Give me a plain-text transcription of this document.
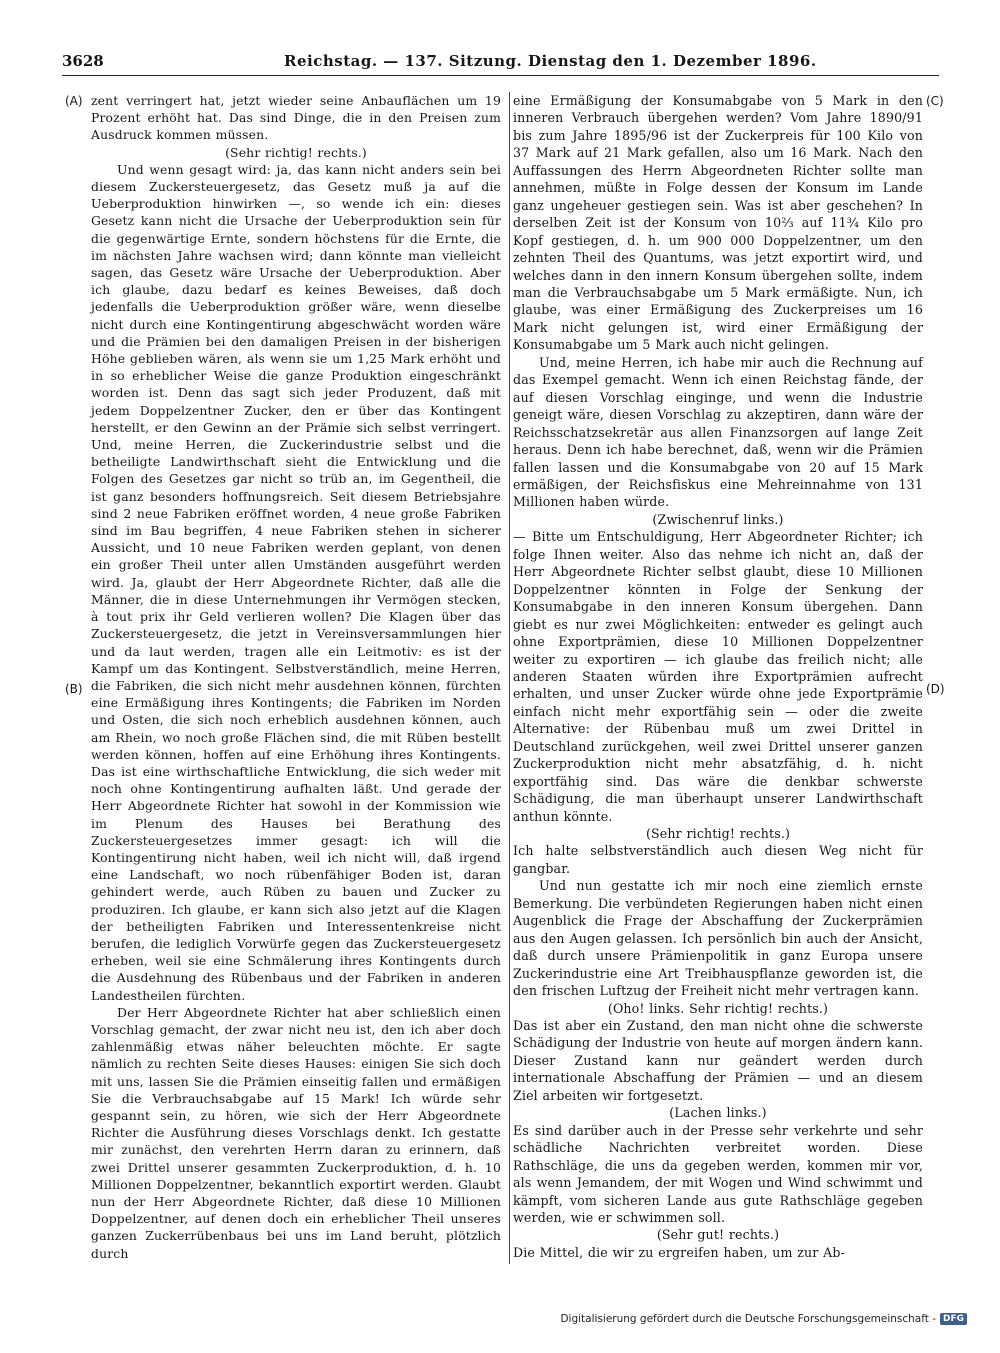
3628	Reichstag. — 137. Sitzung. Dienstag den 1. Dezember 1896.
(A)
(B)
(C)
(D)

zent verringert hat, jetzt wieder seine Anbauflächen um 19 Prozent erhöht hat. Das sind Dinge, die in den Preisen zum Ausdruck kommen müssen.

(Sehr richtig! rechts.)

Und wenn gesagt wird: ja, das kann nicht anders sein bei diesem Zuckersteuergesetz, das Gesetz muß ja auf die Ueberproduktion hinwirken —, so wende ich ein: dieses Gesetz kann nicht die Ursache der Ueberproduktion sein für die gegenwärtige Ernte, sondern höchstens für die Ernte, die im nächsten Jahre wachsen wird; dann könnte man vielleicht sagen, das Gesetz wäre Ursache der Ueberproduktion. Aber ich glaube, dazu bedarf es keines Beweises, daß doch jedenfalls die Ueberproduktion größer wäre, wenn dieselbe nicht durch eine Kontingentirung abgeschwächt worden wäre und die Prämien bei den damaligen Preisen in der bisherigen Höhe geblieben wären, als wenn sie um 1,25 Mark erhöht und in so erheblicher Weise die ganze Produktion eingeschränkt worden ist. Denn das sagt sich jeder Produzent, daß mit jedem Doppelzentner Zucker, den er über das Kontingent herstellt, er den Gewinn an der Prämie sich selbst verringert. Und, meine Herren, die Zuckerindustrie selbst und die betheiligte Landwirthschaft sieht die Entwicklung und die Folgen des Gesetzes gar nicht so trüb an, im Gegentheil, die ist ganz besonders hoffnungsreich. Seit diesem Betriebsjahre sind 2 neue Fabriken eröffnet worden, 4 neue große Fabriken sind im Bau begriffen, 4 neue Fabriken stehen in sicherer Aussicht, und 10 neue Fabriken werden geplant, von denen ein großer Theil unter allen Umständen ausgeführt werden wird. Ja, glaubt der Herr Abgeordnete Richter, daß alle die Männer, die in diese Unternehmungen ihr Vermögen stecken, à tout prix ihr Geld verlieren wollen? Die Klagen über das Zuckersteuergesetz, die jetzt in Vereinsversammlungen hier und da laut werden, tragen alle ein Leitmotiv: es ist der Kampf um das Kontingent. Selbstverständlich, meine Herren, die Fabriken, die sich nicht mehr ausdehnen können, fürchten eine Ermäßigung ihres Kontingents; die Fabriken im Norden und Osten, die sich noch erheblich ausdehnen können, auch am Rhein, wo noch große Flächen sind, die mit Rüben bestellt werden können, hoffen auf eine Erhöhung ihres Kontingents. Das ist eine wirthschaftliche Entwicklung, die sich weder mit noch ohne Kontingentirung aufhalten läßt. Und gerade der Herr Abgeordnete Richter hat sowohl in der Kommission wie im Plenum des Hauses bei Berathung des Zuckersteuergesetzes immer gesagt: ich will die Kontingentirung nicht haben, weil ich nicht will, daß irgend eine Landschaft, wo noch rübenfähiger Boden ist, daran gehindert werde, auch Rüben zu bauen und Zucker zu produziren. Ich glaube, er kann sich also jetzt auf die Klagen der betheiligten Fabriken und Interessentenkreise nicht berufen, die lediglich Vorwürfe gegen das Zuckersteuergesetz erheben, weil sie eine Schmälerung ihres Kontingents durch die Ausdehnung des Rübenbaus und der Fabriken in anderen Landestheilen fürchten.

Der Herr Abgeordnete Richter hat aber schließlich einen Vorschlag gemacht, der zwar nicht neu ist, den ich aber doch zahlenmäßig etwas näher beleuchten möchte. Er sagte nämlich zu rechten Seite dieses Hauses: einigen Sie sich doch mit uns, lassen Sie die Prämien einseitig fallen und ermäßigen Sie die Verbrauchsabgabe auf 15 Mark! Ich würde sehr gespannt sein, zu hören, wie sich der Herr Abgeordnete Richter die Ausführung dieses Vorschlags denkt. Ich gestatte mir zunächst, den verehrten Herrn daran zu erinnern, daß zwei Drittel unserer gesammten Zuckerproduktion, d. h. 10 Millionen Doppelzentner, bekanntlich exportirt werden. Glaubt nun der Herr Abgeordnete Richter, daß diese 10 Millionen Doppelzentner, auf denen doch ein erheblicher Theil unseres ganzen Zuckerrübenbaus bei uns im Land beruht, plötzlich durch

eine Ermäßigung der Konsumabgabe von 5 Mark in den inneren Verbrauch übergehen werden? Vom Jahre 1890/91 bis zum Jahre 1895/96 ist der Zuckerpreis für 100 Kilo von 37 Mark auf 21 Mark gefallen, also um 16 Mark. Nach den Auffassungen des Herrn Abgeordneten Richter sollte man annehmen, müßte in Folge dessen der Konsum im Lande ganz ungeheuer gestiegen sein. Was ist aber geschehen? In derselben Zeit ist der Konsum von 10⅔ auf 11¾ Kilo pro Kopf gestiegen, d. h. um 900 000 Doppelzentner, um den zehnten Theil des Quantums, was jetzt exportirt wird, und welches dann in den innern Konsum übergehen sollte, indem man die Verbrauchsabgabe um 5 Mark ermäßigte. Nun, ich glaube, was einer Ermäßigung des Zuckerpreises um 16 Mark nicht gelungen ist, wird einer Ermäßigung der Konsumabgabe um 5 Mark auch nicht gelingen.

Und, meine Herren, ich habe mir auch die Rechnung auf das Exempel gemacht. Wenn ich einen Reichstag fände, der auf diesen Vorschlag einginge, und wenn die Industrie geneigt wäre, diesen Vorschlag zu akzeptiren, dann wäre der Reichsschatzsekretär aus allen Finanzsorgen auf lange Zeit heraus. Denn ich habe berechnet, daß, wenn wir die Prämien fallen lassen und die Konsumabgabe von 20 auf 15 Mark ermäßigen, der Reichsfiskus eine Mehreinnahme von 131 Millionen haben würde.

(Zwischenruf links.)

— Bitte um Entschuldigung, Herr Abgeordneter Richter; ich folge Ihnen weiter. Also das nehme ich nicht an, daß der Herr Abgeordnete Richter selbst glaubt, diese 10 Millionen Doppelzentner könnten in Folge der Senkung der Konsumabgabe in den inneren Konsum übergehen. Dann giebt es nur zwei Möglichkeiten: entweder es gelingt auch ohne Exportprämien, diese 10 Millionen Doppelzentner weiter zu exportiren — ich glaube das freilich nicht; alle anderen Staaten würden ihre Exportprämien aufrecht erhalten, und unser Zucker würde ohne jede Exportprämie einfach nicht mehr exportfähig sein — oder die zweite Alternative: der Rübenbau muß um zwei Drittel in Deutschland zurückgehen, weil zwei Drittel unserer ganzen Zuckerproduktion nicht mehr absatzfähig, d. h. nicht exportfähig sind. Das wäre die denkbar schwerste Schädigung, die man überhaupt unserer Landwirthschaft anthun könnte.

(Sehr richtig! rechts.)

Ich halte selbstverständlich auch diesen Weg nicht für gangbar.

Und nun gestatte ich mir noch eine ziemlich ernste Bemerkung. Die verbündeten Regierungen haben nicht einen Augenblick die Frage der Abschaffung der Zuckerprämien aus den Augen gelassen. Ich persönlich bin auch der Ansicht, daß durch unsere Prämienpolitik in ganz Europa unsere Zuckerindustrie eine Art Treibhauspflanze geworden ist, die den frischen Luftzug der Freiheit nicht mehr vertragen kann.

(Oho! links. Sehr richtig! rechts.)

Das ist aber ein Zustand, den man nicht ohne die schwerste Schädigung der Industrie von heute auf morgen ändern kann. Dieser Zustand kann nur geändert werden durch internationale Abschaffung der Prämien — und an diesem Ziel arbeiten wir fortgesetzt.

(Lachen links.)

Es sind darüber auch in der Presse sehr verkehrte und sehr schädliche Nachrichten verbreitet worden. Diese Rathschläge, die uns da gegeben werden, kommen mir vor, als wenn Jemandem, der mit Wogen und Wind schwimmt und kämpft, vom sicheren Lande aus gute Rathschläge gegeben werden, wie er schwimmen soll.

(Sehr gut! rechts.)

Die Mittel, die wir zu ergreifen haben, um zur Ab-

Digitalisierung gefördert durch die Deutsche Forschungsgemeinschaft - DFG
